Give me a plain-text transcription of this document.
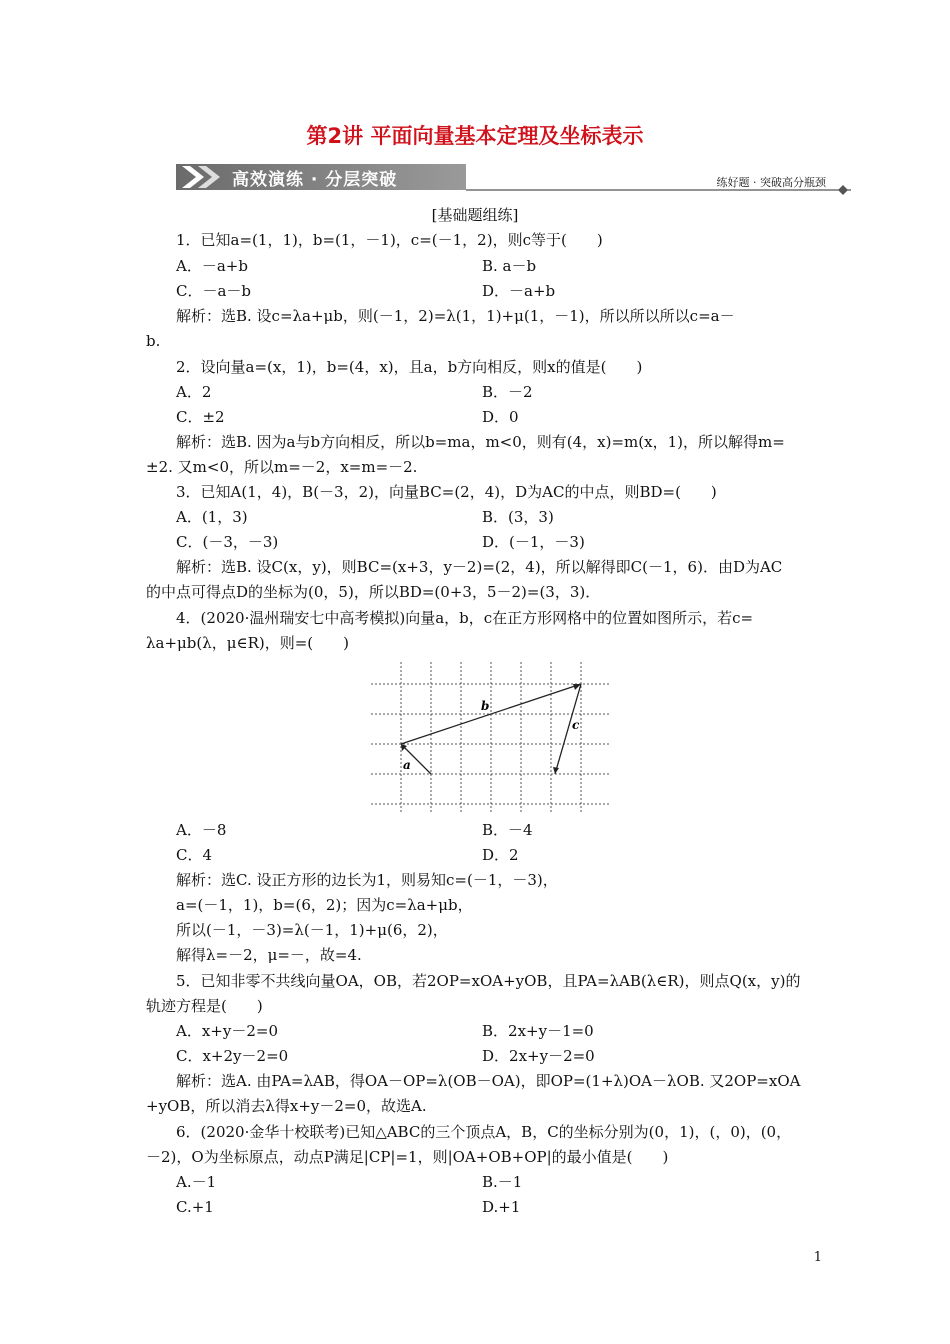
第2讲 平面向量基本定理及坐标表示
高效演练 · 分层突破	练好题 · 突破高分瓶颈
[基础题组练]
1．已知a=(1，1)，b=(1，－1)，c=(－1，2)，则c等于(　　)
A．－a+b	B. a－b
C．－a－b	D．－a+b
解析：选B. 设c=λa+μb，则(－1，2)=λ(1，1)+μ(1，－1)，所以所以所以c=a－
b.
2．设向量a=(x，1)，b=(4，x)，且a，b方向相反，则x的值是(　　)
A．2	B．－2
C．±2	D．0
解析：选B. 因为a与b方向相反，所以b=ma，m<0，则有(4，x)=m(x，1)，所以解得m=
±2. 又m<0，所以m=－2，x=m=－2.
3．已知A(1，4)，B(－3，2)，向量BC=(2，4)，D为AC的中点，则BD=(　　)
A．(1，3)	B．(3，3)
C．(－3，－3)	D．(－1，－3)
解析：选B. 设C(x，y)，则BC=(x+3，y－2)=(2，4)，所以解得即C(－1，6)．由D为AC
的中点可得点D的坐标为(0，5)，所以BD=(0+3，5－2)=(3，3)．
4．(2020·温州瑞安七中高考模拟)向量a，b，c在正方形网格中的位置如图所示，若c=
λa+μb(λ，μ∈R)，则=(　　)
b
a
c
A．－8	B．－4
C．4	D．2
解析：选C. 设正方形的边长为1，则易知c=(－1，－3)，
a=(－1，1)，b=(6，2)；因为c=λa+μb，
所以(－1，－3)=λ(－1，1)+μ(6，2)，
解得λ=－2，μ=－，故=4.
5．已知非零不共线向量OA，OB，若2OP=xOA+yOB，且PA=λAB(λ∈R)，则点Q(x，y)的
轨迹方程是(　　)
A．x+y－2=0	B．2x+y－1=0
C．x+2y－2=0	D．2x+y－2=0
解析：选A. 由PA=λAB，得OA－OP=λ(OB－OA)，即OP=(1+λ)OA－λOB. 又2OP=xOA
+yOB，所以消去λ得x+y－2=0，故选A.
6．(2020·金华十校联考)已知△ABC的三个顶点A，B，C的坐标分别为(0，1)，(，0)，(0，
－2)，O为坐标原点，动点P满足|CP|=1，则|OA+OB+OP|的最小值是(　　)
A.－1	B.－1
C.+1	D.+1
1
